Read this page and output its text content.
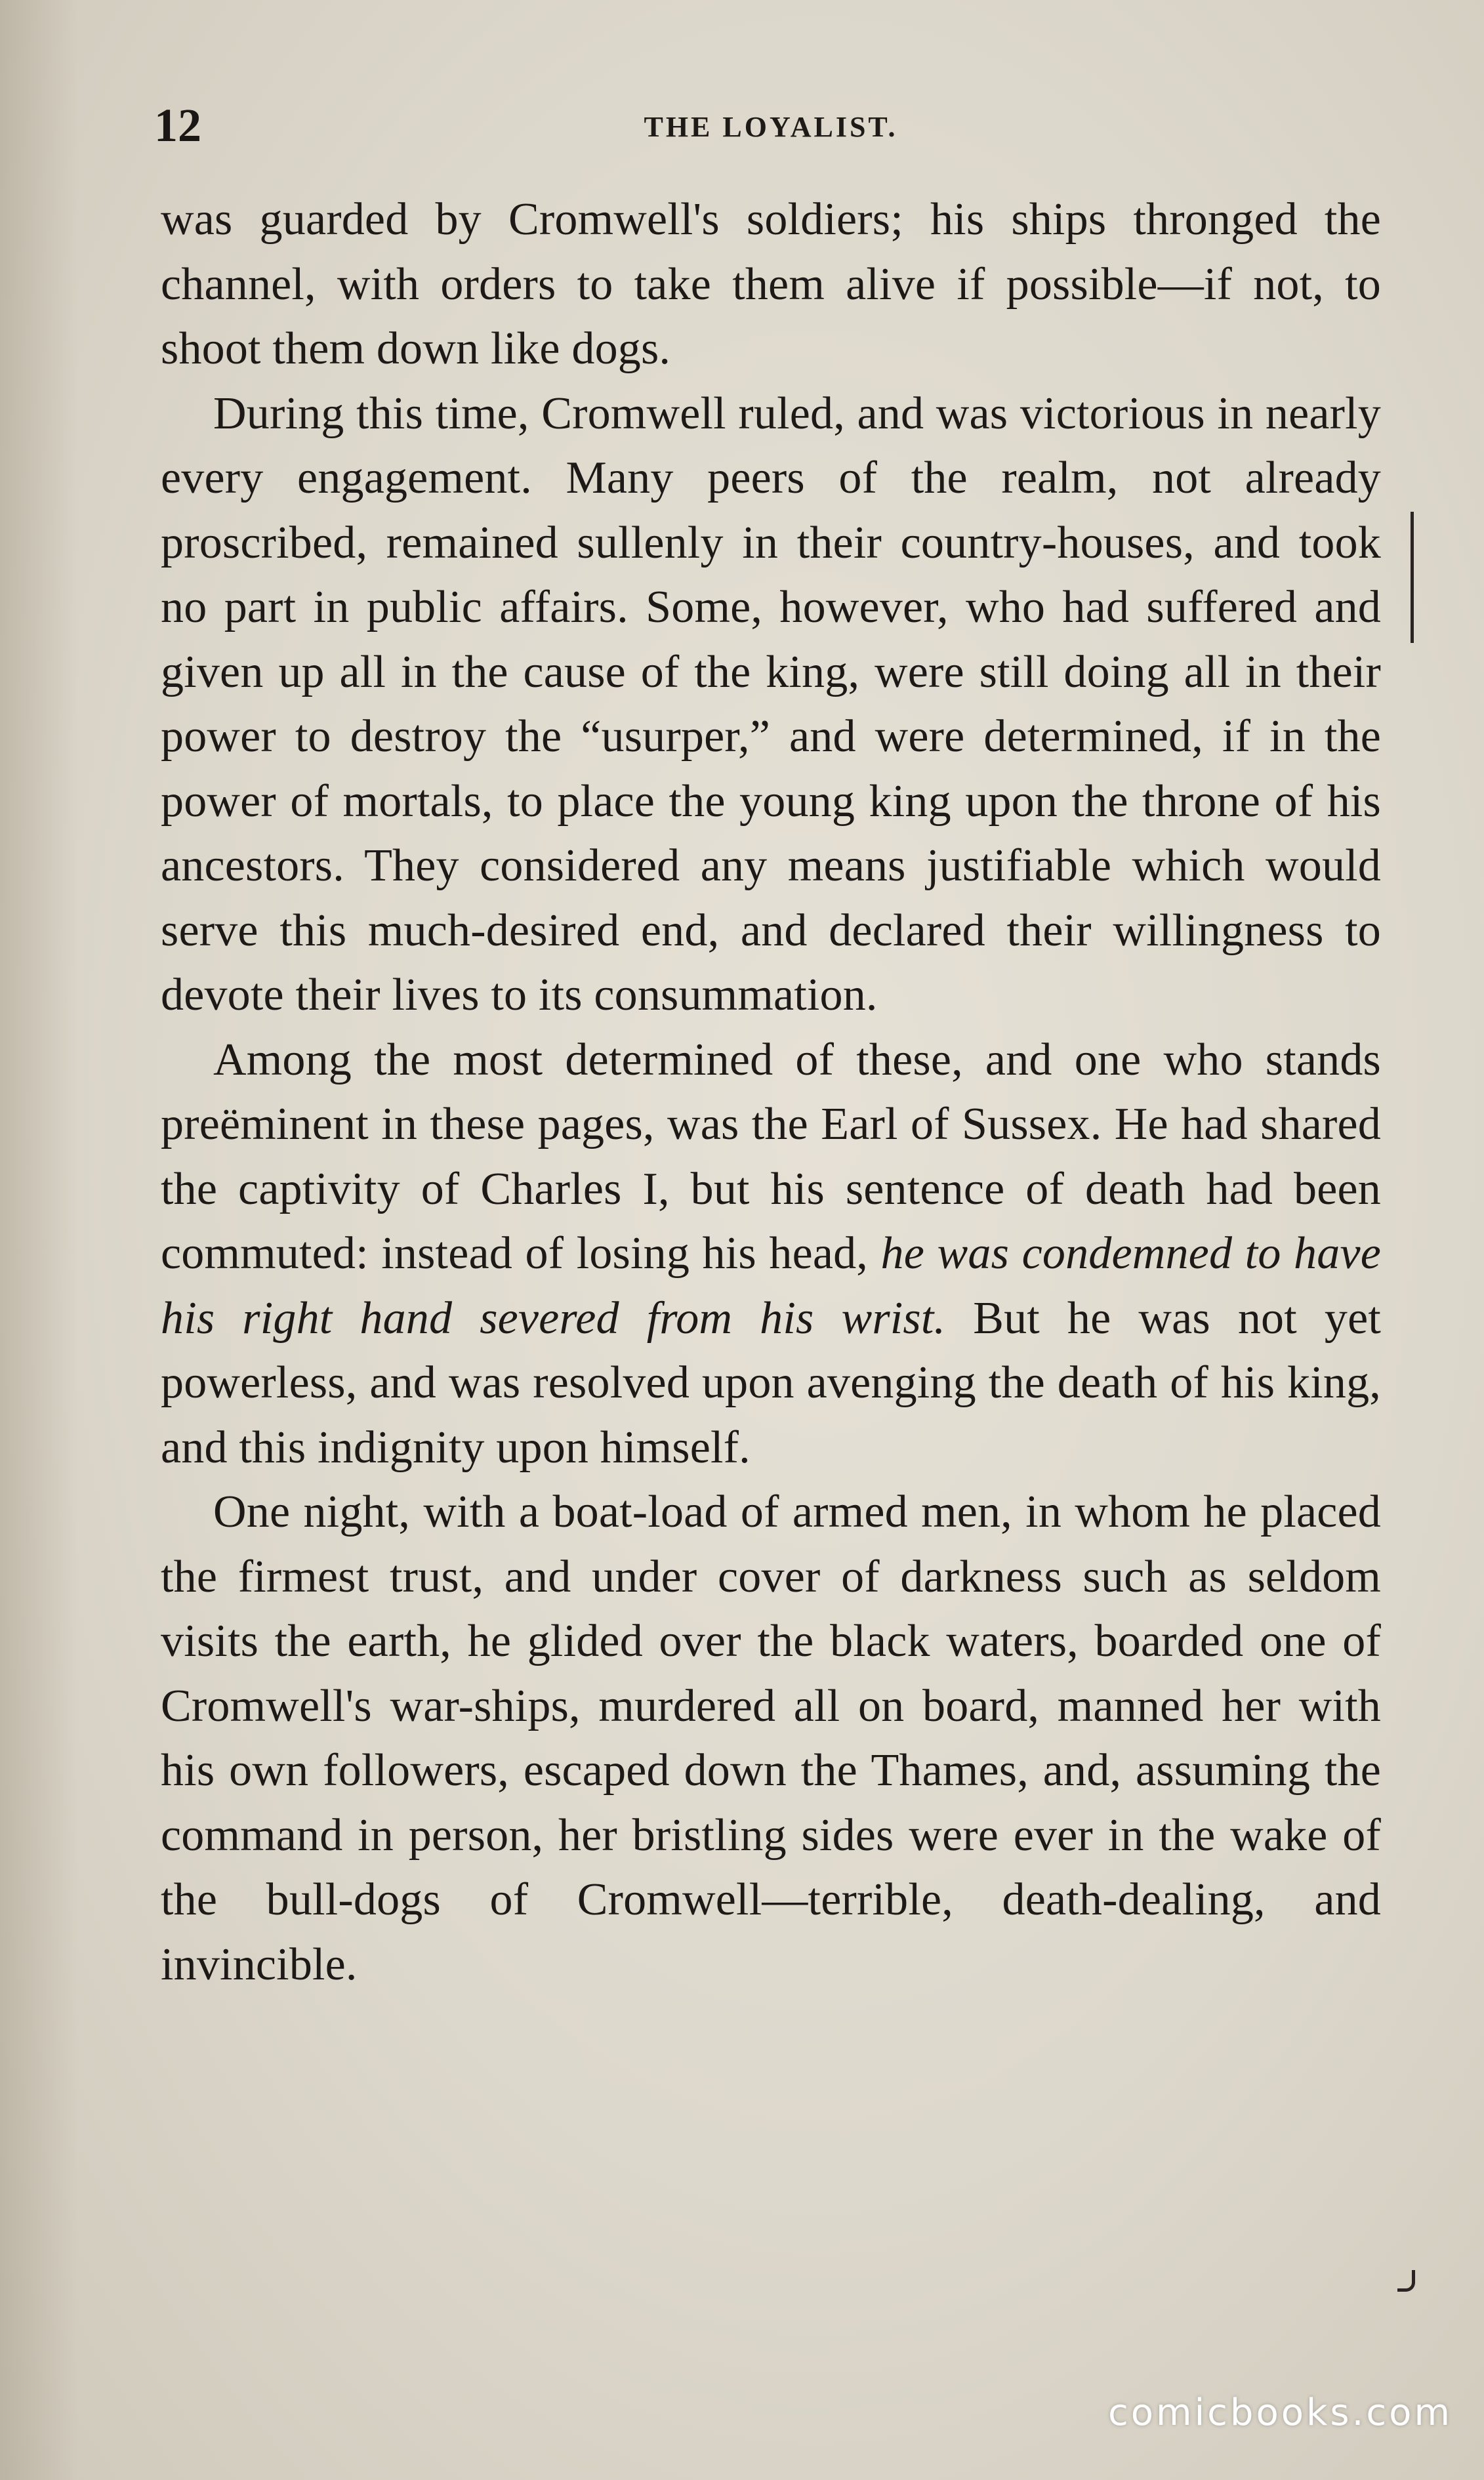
12	THE LOYALIST.

was guarded by Cromwell's soldiers; his ships thronged the channel, with orders to take them alive if possible—if not, to shoot them down like dogs.

During this time, Cromwell ruled, and was victorious in nearly every engagement. Many peers of the realm, not already proscribed, remained sullenly in their country-houses, and took no part in public affairs. Some, however, who had suffered and given up all in the cause of the king, were still doing all in their power to destroy the “usurper,” and were determined, if in the power of mortals, to place the young king upon the throne of his ancestors. They considered any means justifiable which would serve this much-desired end, and declared their willingness to devote their lives to its consummation.

Among the most determined of these, and one who stands preëminent in these pages, was the Earl of Sussex. He had shared the captivity of Charles I, but his sentence of death had been commuted: instead of losing his head, he was condemned to have his right hand severed from his wrist. But he was not yet powerless, and was resolved upon avenging the death of his king, and this indignity upon himself.

One night, with a boat-load of armed men, in whom he placed the firmest trust, and under cover of darkness such as seldom visits the earth, he glided over the black waters, boarded one of Cromwell's war-ships, murdered all on board, manned her with his own followers, escaped down the Thames, and, assuming the command in person, her bristling sides were ever in the wake of the bull-dogs of Cromwell—terrible, death-dealing, and invincible.

comicbooks.com
